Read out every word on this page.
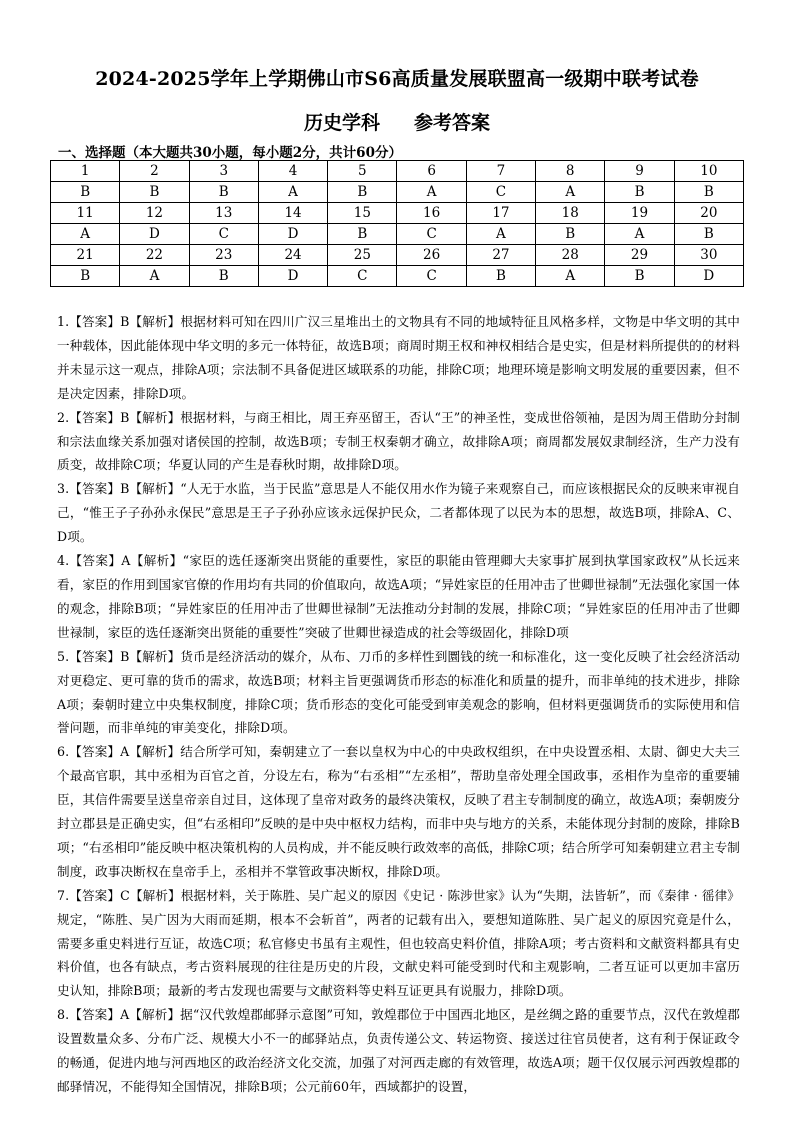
2024-2025学年上学期佛山市S6高质量发展联盟高一级期中联考试卷
历史学科 参考答案
一、选择题（本大题共30小题，每小题2分，共计60分）
1	2	3	4	5	6	7	8	9	10
B	B	B	A	B	A	C	A	B	B
11	12	13	14	15	16	17	18	19	20
A	D	C	D	B	C	A	B	A	B
21	22	23	24	25	26	27	28	29	30
B	A	B	D	C	C	B	A	B	D

1.【答案】B【解析】根据材料可知在四川广汉三星堆出土的文物具有不同的地域特征且风格多样，文物是中华文明的其中一种载体，因此能体现中华文明的多元一体特征，故选B项；商周时期王权和神权相结合是史实，但是材料所提供的的材料并未显示这一观点，排除A项；宗法制不具备促进区域联系的功能，排除C项；地理环境是影响文明发展的重要因素，但不是决定因素，排除D项。

2.【答案】B【解析】根据材料，与商王相比，周王弃巫留王，否认“王”的神圣性，变成世俗领袖，是因为周王借助分封制和宗法血缘关系加强对诸侯国的控制，故选B项；专制王权秦朝才确立，故排除A项；商周都发展奴隶制经济，生产力没有质变，故排除C项；华夏认同的产生是春秋时期，故排除D项。

3.【答案】B【解析】“人无于水监，当于民监”意思是人不能仅用水作为镜子来观察自己，而应该根据民众的反映来审视自己，“惟王子子孙孙永保民”意思是王子子孙孙应该永远保护民众，二者都体现了以民为本的思想，故选B项，排除A、C、D项。

4.【答案】A【解析】“家臣的选任逐渐突出贤能的重要性，家臣的职能由管理卿大夫家事扩展到执掌国家政权”从长远来看，家臣的作用到国家官僚的作用均有共同的价值取向，故选A项；“异姓家臣的任用冲击了世卿世禄制”无法强化家国一体的观念，排除B项；“异姓家臣的任用冲击了世卿世禄制”无法推动分封制的发展，排除C项；“异姓家臣的任用冲击了世卿世禄制，家臣的选任逐渐突出贤能的重要性”突破了世卿世禄造成的社会等级固化，排除D项

5.【答案】B【解析】货币是经济活动的媒介，从布、刀币的多样性到圜钱的统一和标准化，这一变化反映了社会经济活动对更稳定、更可靠的货币的需求，故选B项；材料主旨更强调货币形态的标准化和质量的提升，而非单纯的技术进步，排除A项；秦朝时建立中央集权制度，排除C项；货币形态的变化可能受到审美观念的影响，但材料更强调货币的实际使用和信誉问题，而非单纯的审美变化，排除D项。

6.【答案】A【解析】结合所学可知，秦朝建立了一套以皇权为中心的中央政权组织，在中央设置丞相、太尉、御史大夫三个最高官职，其中丞相为百官之首，分设左右，称为“右丞相”“左丞相”，帮助皇帝处理全国政事，丞相作为皇帝的重要辅臣，其信件需要呈送皇帝亲自过目，这体现了皇帝对政务的最终决策权，反映了君主专制制度的确立，故选A项；秦朝废分封立郡县是正确史实，但“右丞相印”反映的是中央中枢权力结构，而非中央与地方的关系，未能体现分封制的废除，排除B项；“右丞相印”能反映中枢决策机构的人员构成，并不能反映行政效率的高低，排除C项；结合所学可知秦朝建立君主专制制度，政事决断权在皇帝手上，丞相并不掌管政事决断权，排除D项。

7.【答案】C【解析】根据材料，关于陈胜、吴广起义的原因《史记 · 陈涉世家》认为“失期，法皆斩”，而《秦律 · 徭律》规定，“陈胜、吴广因为大雨而延期，根本不会斩首”，两者的记载有出入，要想知道陈胜、吴广起义的原因究竟是什么，需要多重史料进行互证，故选C项；私官修史书虽有主观性，但也较高史料价值，排除A项；考古资料和文献资料都具有史料价值，也各有缺点，考古资料展现的往往是历史的片段，文献史料可能受到时代和主观影响，二者互证可以更加丰富历史认知，排除B项；最新的考古发现也需要与文献资料等史料互证更具有说服力，排除D项。

8.【答案】A【解析】据“汉代敦煌郡邮驿示意图”可知，敦煌郡位于中国西北地区，是丝绸之路的重要节点，汉代在敦煌郡设置数量众多、分布广泛、规模大小不一的邮驿站点，负责传递公文、转运物资、接送过往官员使者，这有利于保证政令的畅通，促进内地与河西地区的政治经济文化交流，加强了对河西走廊的有效管理，故选A项；题干仅仅展示河西敦煌郡的邮驿情况，不能得知全国情况，排除B项；公元前60年，西域都护的设置，
